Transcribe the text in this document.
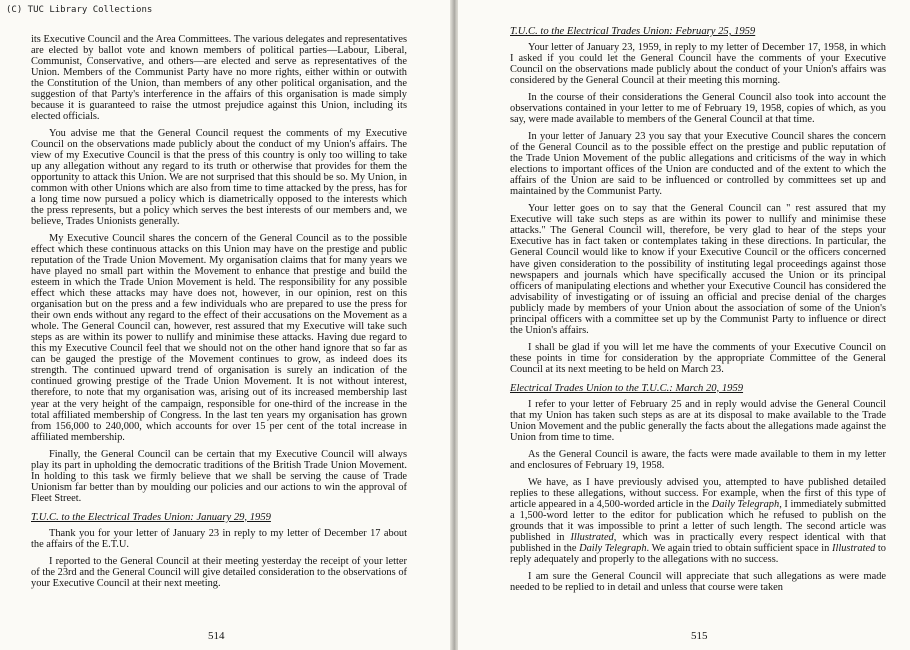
(C) TUC Library Collections

its Executive Council and the Area Committees. The various delegates and representatives are elected by ballot vote and known members of political parties—Labour, Liberal, Communist, Conservative, and others—are elected and serve as representatives of the Union. Members of the Communist Party have no more rights, either within or outwith the Constitution of the Union, than members of any other political organisation, and the suggestion of that Party's interference in the affairs of this organisation is made simply because it is guaranteed to raise the utmost prejudice against this Union, including its elected officials.

You advise me that the General Council request the comments of my Executive Council on the observations made publicly about the conduct of my Union's affairs. The view of my Executive Council is that the press of this country is only too willing to take up any allegation without any regard to its truth or otherwise that provides for them the opportunity to attack this Union. We are not surprised that this should be so. My Union, in common with other Unions which are also from time to time attacked by the press, has for a long time now pursued a policy which is diametrically opposed to the interests which the press represents, but a policy which serves the best interests of our members and, we believe, Trades Unionists generally.

My Executive Council shares the concern of the General Council as to the possible effect which these continuous attacks on this Union may have on the prestige and public reputation of the Trade Union Movement. My organisation claims that for many years we have played no small part within the Movement to enhance that prestige and build the esteem in which the Trade Union Movement is held. The responsibility for any possible effect which these attacks may have does not, however, in our opinion, rest on this organisation but on the press and a few individuals who are prepared to use the press for their own ends without any regard to the effect of their accusations on the Movement as a whole. The General Council can, however, rest assured that my Executive will take such steps as are within its power to nullify and minimise these attacks. Having due regard to this my Executive Council feel that we should not on the other hand ignore that so far as can be gauged the prestige of the Movement continues to grow, as indeed does its strength. The continued upward trend of organisation is surely an indication of the continued growing prestige of the Trade Union Movement. It is not without interest, therefore, to note that my organisation was, arising out of its increased membership last year at the very height of the campaign, responsible for one-third of the increase in the total affiliated membership of Congress. In the last ten years my organisation has grown from 156,000 to 240,000, which accounts for over 15 per cent of the total increase in affiliated membership.

Finally, the General Council can be certain that my Executive Council will always play its part in upholding the democratic traditions of the British Trade Union Movement. In holding to this task we firmly believe that we shall be serving the cause of Trade Unionism far better than by moulding our policies and our actions to win the approval of Fleet Street.

T.U.C. to the Electrical Trades Union: January 29, 1959

Thank you for your letter of January 23 in reply to my letter of December 17 about the affairs of the E.T.U.

I reported to the General Council at their meeting yesterday the receipt of your letter of the 23rd and the General Council will give detailed consideration to the observations of your Executive Council at their next meeting.

514
T.U.C. to the Electrical Trades Union: February 25, 1959

Your letter of January 23, 1959, in reply to my letter of December 17, 1958, in which I asked if you could let the General Council have the comments of your Executive Council on the observations made publicly about the conduct of your Union's affairs was considered by the General Council at their meeting this morning.

In the course of their considerations the General Council also took into account the observations contained in your letter to me of February 19, 1958, copies of which, as you say, were made available to members of the General Council at that time.

In your letter of January 23 you say that your Executive Council shares the concern of the General Council as to the possible effect on the prestige and public reputation of the Trade Union Movement of the public allegations and criticisms of the way in which elections to important offices of the Union are conducted and of the extent to which the affairs of the Union are said to be influenced or controlled by committees set up and maintained by the Communist Party.

Your letter goes on to say that the General Council can " rest assured that my Executive will take such steps as are within its power to nullify and minimise these attacks." The General Council will, therefore, be very glad to hear of the steps your Executive has in fact taken or contemplates taking in these directions. In particular, the General Council would like to know if your Executive Council or the officers concerned have given consideration to the possibility of instituting legal proceedings against those newspapers and journals which have specifically accused the Union or its principal officers of manipulating elections and whether your Executive Council has considered the advisability of investigating or of issuing an official and precise denial of the charges publicly made by members of your Union about the association of some of the Union's principal officers with a committee set up by the Communist Party to influence or direct the Union's affairs.

I shall be glad if you will let me have the comments of your Executive Council on these points in time for consideration by the appropriate Committee of the General Council at its next meeting to be held on March 23.

Electrical Trades Union to the T.U.C.: March 20, 1959

I refer to your letter of February 25 and in reply would advise the General Council that my Union has taken such steps as are at its disposal to make available to the Trade Union Movement and the public generally the facts about the allegations made against the Union from time to time.

As the General Council is aware, the facts were made available to them in my letter and enclosures of February 19, 1958.

We have, as I have previously advised you, attempted to have published detailed replies to these allegations, without success. For example, when the first of this type of article appeared in a 4,500-worded article in the Daily Telegraph, I immediately submitted a 1,500-word letter to the editor for publication which he refused to publish on the grounds that it was impossible to print a letter of such length. The second article was published in Illustrated, which was in practically every respect identical with that published in the Daily Telegraph. We again tried to obtain sufficient space in Illustrated to reply adequately and properly to the allegations with no success.

I am sure the General Council will appreciate that such allegations as were made needed to be replied to in detail and unless that course were taken

515
